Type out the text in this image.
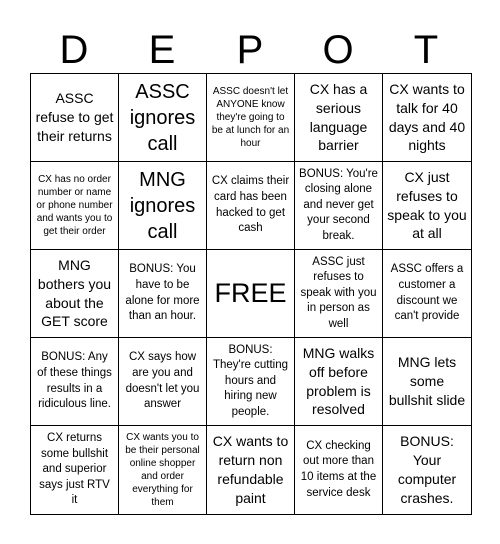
D	E	P	O	T
ASSC refuse to get their returns
ASSC ignores call
ASSC doesn't let ANYONE know they're going to be at lunch for an hour
CX has a serious language barrier
CX wants to talk for 40 days and 40 nights
CX has no order number or name or phone number and wants you to get their order
MNG ignores call
CX claims their card has been hacked to get cash
BONUS: You're closing alone and never get your second break.
CX just refuses to speak to you at all
MNG bothers you about the GET score
BONUS: You have to be alone for more than an hour.
FREE
ASSC just refuses to speak with you in person as well
ASSC offers a customer a discount we can't provide
BONUS: Any of these things results in a ridiculous line.
CX says how are you and doesn't let you answer
BONUS: They're cutting hours and hiring new people.
MNG walks off before problem is resolved
MNG lets some bullshit slide
CX returns some bullshit and superior says just RTV it
CX wants you to be their personal online shopper and order everything for them
CX wants to return non refundable paint
CX checking out more than 10 items at the service desk
BONUS: Your computer crashes.
